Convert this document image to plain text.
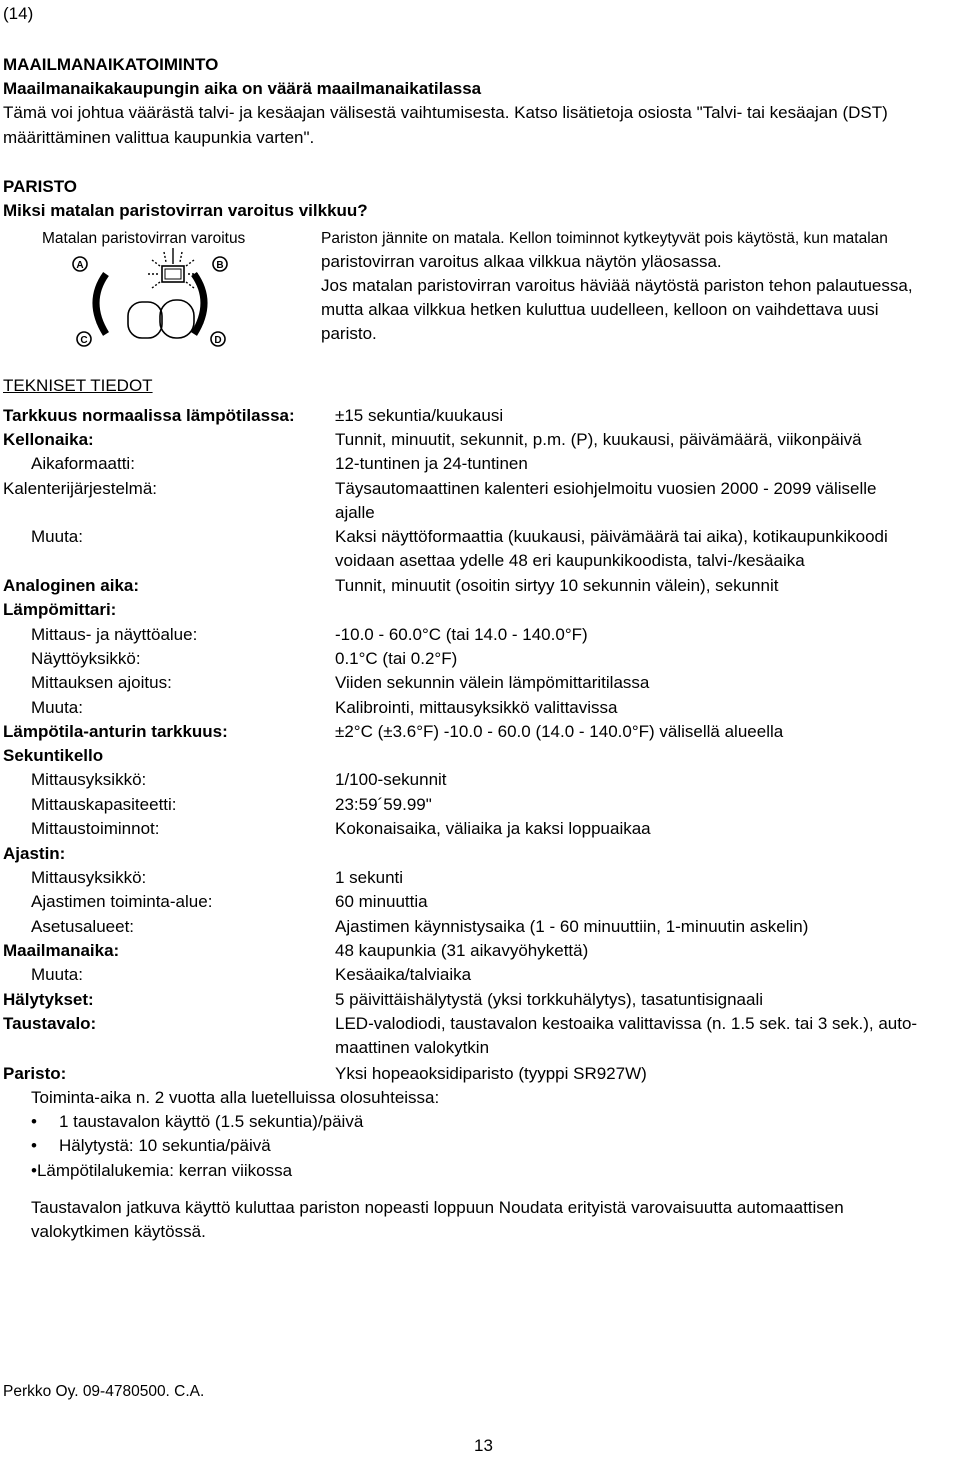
(14)
MAAILMANAIKATOIMINTO
Maailmanaikakaupungin aika on väärä maailmanaikatilassa
Tämä voi johtua väärästä talvi- ja kesäajan välisestä vaihtumisesta. Katso lisätietoja osiosta "Talvi- tai kesäajan (DST)
määrittäminen valittua kaupunkia varten".
PARISTO
Miksi matalan paristovirran varoitus vilkkuu?
Matalan paristovirran varoitus	Pariston jännite on matala. Kellon toiminnot kytkeytyvät pois käytöstä, kun matalan
paristovirran varoitus alkaa vilkkua näytön yläosassa.
Jos matalan paristovirran varoitus häviää näytöstä pariston tehon palautuessa,
mutta alkaa vilkkua hetken kuluttua uudelleen, kelloon on vaihdettava uusi
paristo.
A	B
C	D
TEKNISET TIEDOT
Tarkkuus normaalissa lämpötilassa: ±15 sekuntia/kuukausi
Kellonaika:	Tunnit, minuutit, sekunnit, p.m. (P), kuukausi, päivämäärä, viikonpäivä
Aikaformaatti:	12-tuntinen ja 24-tuntinen
Kalenterijärjestelmä:	Täysautomaattinen kalenteri esiohjelmoitu vuosien 2000 - 2099 väliselle
ajalle
Muuta:	Kaksi näyttöformaattia (kuukausi, päivämäärä tai aika), kotikaupunkikoodi
voidaan asettaa ydelle 48 eri kaupunkikoodista, talvi-/kesäaika
Analoginen aika:	Tunnit, minuutit (osoitin sirtyy 10 sekunnin välein), sekunnit
Lämpömittari:
Mittaus- ja näyttöalue:	-10.0 - 60.0°C (tai 14.0 - 140.0°F)
Näyttöyksikkö:	0.1°C (tai 0.2°F)
Mittauksen ajoitus:	Viiden sekunnin välein lämpömittaritilassa
Muuta:	Kalibrointi, mittausyksikkö valittavissa
Lämpötila-anturin tarkkuus:	±2°C (±3.6°F) -10.0 - 60.0 (14.0 - 140.0°F) välisellä alueella
Sekuntikello
Mittausyksikkö:	1/100-sekunnit
Mittauskapasiteetti:	23:59´59.99"
Mittaustoiminnot:	Kokonaisaika, väliaika ja kaksi loppuaikaa
Ajastin:
Mittausyksikkö:	1 sekunti
Ajastimen toiminta-alue:	60 minuuttia
Asetusalueet:	Ajastimen käynnistysaika (1 - 60 minuuttiin, 1-minuutin askelin)
Maailmanaika:	48 kaupunkia (31 aikavyöhykettä)
Muuta:	Kesäaika/talviaika
Hälytykset:	5 päivittäishälytystä (yksi torkkuhälytys), tasatuntisignaali
Taustavalo:	LED-valodiodi, taustavalon kestoaika valittavissa (n. 1.5 sek. tai 3 sek.), auto-
maattinen valokytkin
Paristo:	Yksi hopeaoksidiparisto (tyyppi SR927W)
Toiminta-aika n. 2 vuotta alla luetelluissa olosuhteissa:
• 1 taustavalon käyttö (1.5 sekuntia)/päivä
• Hälytystä: 10 sekuntia/päivä
•Lämpötilalukemia: kerran viikossa
Taustavalon jatkuva käyttö kuluttaa pariston nopeasti loppuun Noudata erityistä varovaisuutta automaattisen
valokytkimen käytössä.
Perkko Oy. 09-4780500. C.A.
13
